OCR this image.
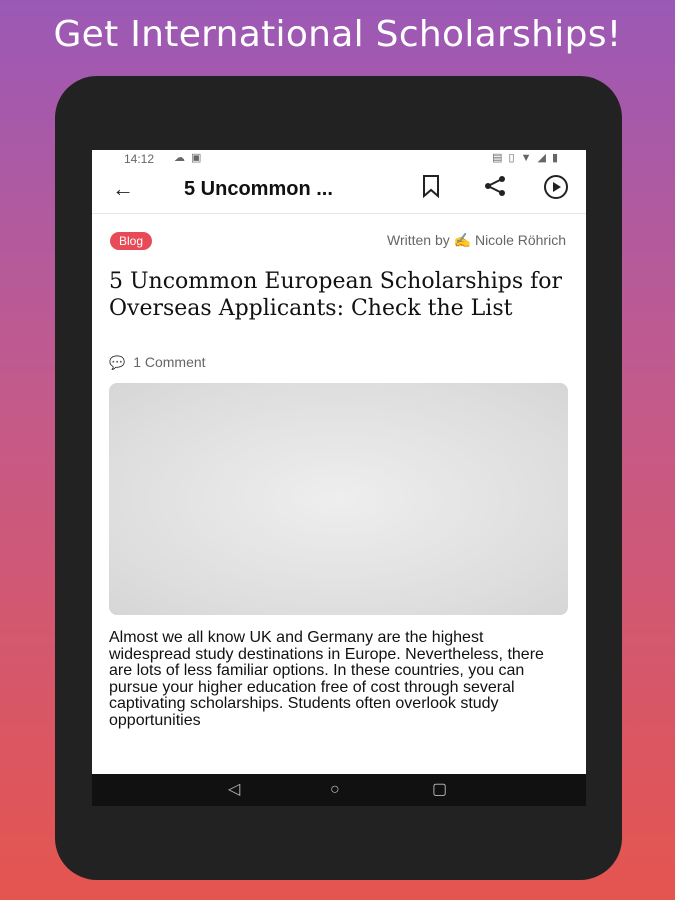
Get International Scholarships!
14:12 ☁▣	▤▯▼◢▮
←	5 Uncommon ...
Blog	Written by ✍ Nicole Röhrich
5 Uncommon European Scholarships for Overseas Applicants: Check the List
💬 1 Comment
Almost we all know UK and Germany are the highest widespread study destinations in Europe. Nevertheless, there are lots of less familiar options. In these countries, you can pursue your higher education free of cost through several captivating scholarships. Students often overlook study opportunities
◁	○	▢
